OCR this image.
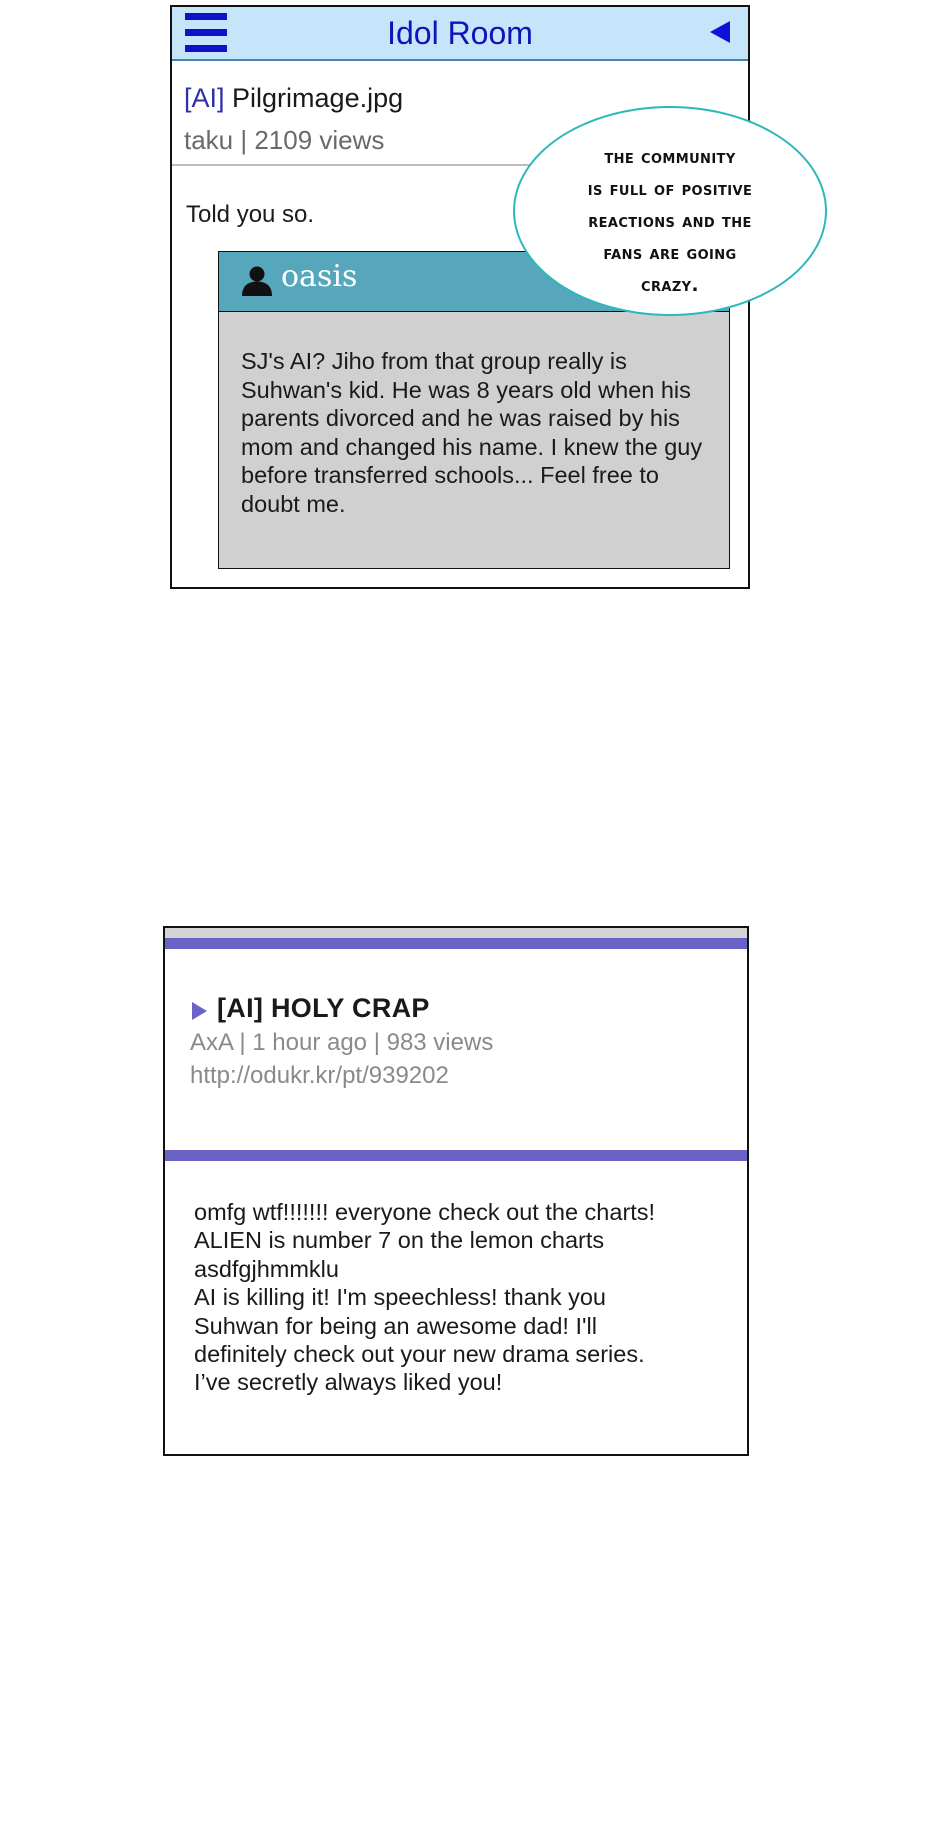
Idol Room
[AI] Pilgrimage.jpg
taku | 2109 views
Told you so.
oasis
SJ's AI? Jiho from that group really is Suhwan's kid. He was 8 years old when his parents divorced and he was raised by his mom and changed his name. I knew the guy before transferred schools... Feel free to doubt me.
the community
is full of positive
reactions and the
fans are going
crazy.
[AI] HOLY CRAP
AxA | 1 hour ago | 983 views
http://odukr.kr/pt/939202
omfg wtf!!!!!!! everyone check out the charts!
ALIEN is number 7 on the lemon charts
asdfgjhmmklu
AI is killing it! I'm speechless! thank you
Suhwan for being an awesome dad! I'll
definitely check out your new drama series.
I’ve secretly always liked you!
